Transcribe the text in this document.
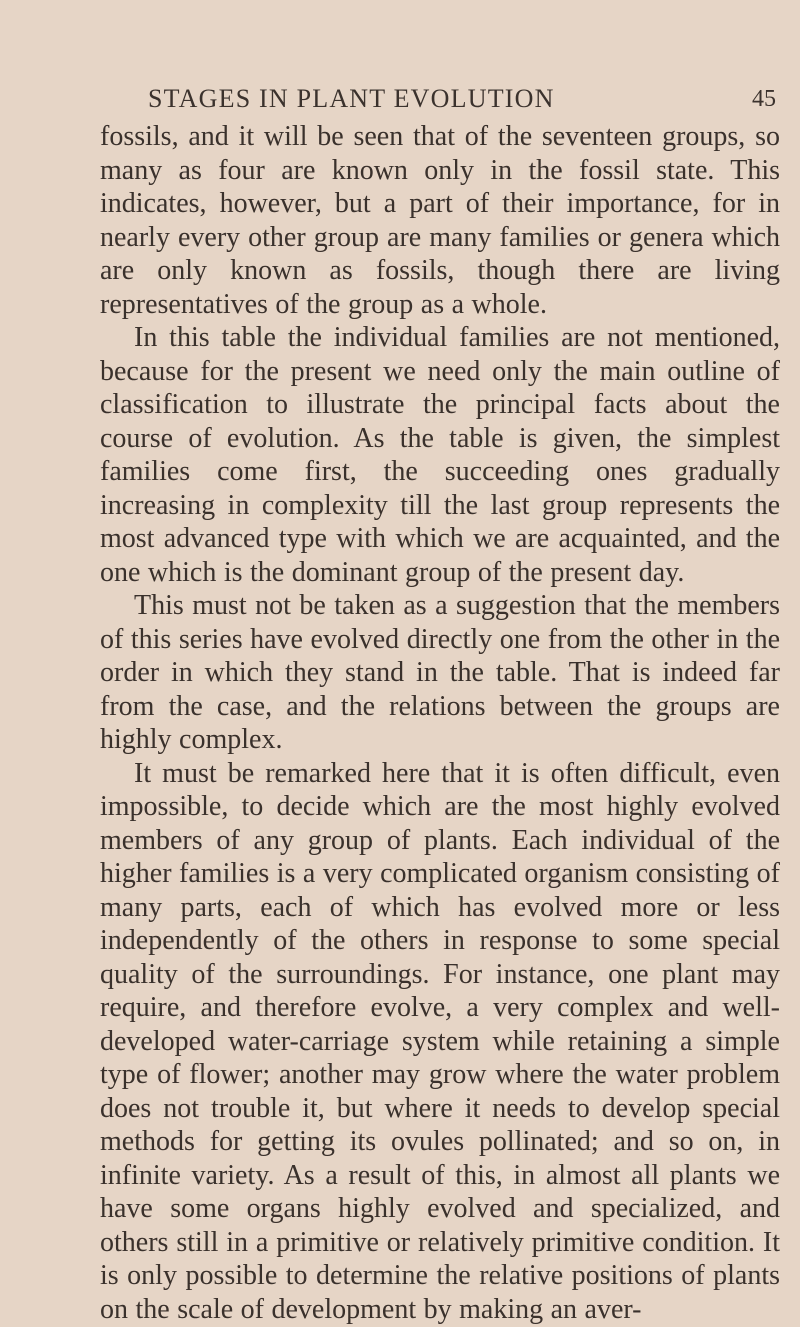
STAGES IN PLANT EVOLUTION	45

fossils, and it will be seen that of the seventeen groups, so many as four are known only in the fossil state. This indicates, however, but a part of their importance, for in nearly every other group are many families or genera which are only known as fossils, though there are living representatives of the group as a whole.

In this table the individual families are not mentioned, because for the present we need only the main outline of classification to illustrate the principal facts about the course of evolution. As the table is given, the simplest families come first, the succeeding ones gradually increasing in complexity till the last group represents the most advanced type with which we are acquainted, and the one which is the dominant group of the present day.

This must not be taken as a suggestion that the members of this series have evolved directly one from the other in the order in which they stand in the table. That is indeed far from the case, and the relations between the groups are highly complex.

It must be remarked here that it is often difficult, even impossible, to decide which are the most highly evolved members of any group of plants. Each individual of the higher families is a very complicated organism consisting of many parts, each of which has evolved more or less independently of the others in response to some special quality of the surroundings. For instance, one plant may require, and therefore evolve, a very complex and well-developed water-carriage system while retaining a simple type of flower; another may grow where the water problem does not trouble it, but where it needs to develop special methods for getting its ovules pollinated; and so on, in infinite variety. As a result of this, in almost all plants we have some organs highly evolved and specialized, and others still in a primitive or relatively primitive condition. It is only possible to determine the relative positions of plants on the scale of development by making an aver-
